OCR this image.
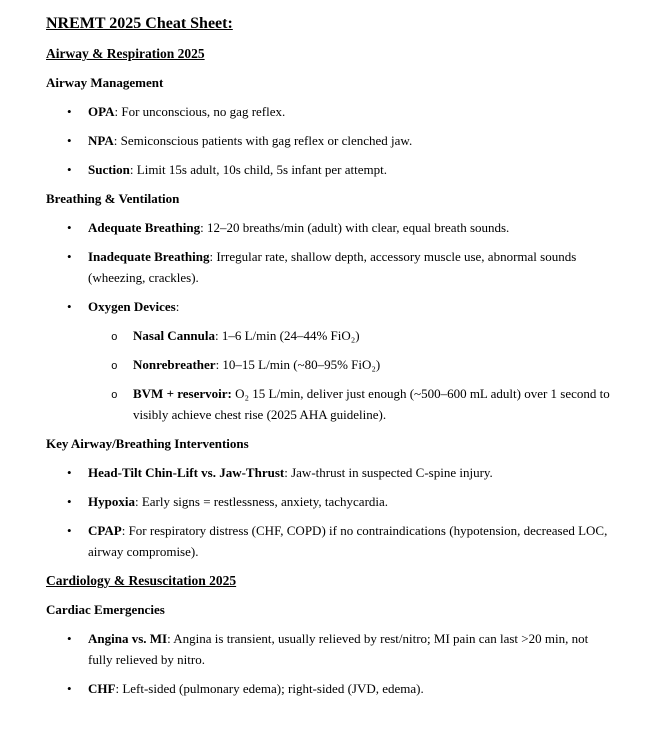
NREMT 2025 Cheat Sheet:
Airway & Respiration 2025
Airway Management
•
OPA: For unconscious, no gag reflex.
•
NPA: Semiconscious patients with gag reflex or clenched jaw.
•
Suction: Limit 15s adult, 10s child, 5s infant per attempt.
Breathing & Ventilation
•
Adequate Breathing: 12–20 breaths/min (adult) with clear, equal breath sounds.
•
Inadequate Breathing: Irregular rate, shallow depth, accessory muscle use, abnormal sounds (wheezing, crackles).
•
Oxygen Devices:
o
Nasal Cannula: 1–6 L/min (24–44% FiO₂)
o
Nonrebreather: 10–15 L/min (~80–95% FiO₂)
o
BVM + reservoir: O₂ 15 L/min, deliver just enough (~500–600 mL adult) over 1 second to visibly achieve chest rise (2025 AHA guideline).
Key Airway/Breathing Interventions
•
Head-Tilt Chin-Lift vs. Jaw-Thrust: Jaw-thrust in suspected C-spine injury.
•
Hypoxia: Early signs = restlessness, anxiety, tachycardia.
•
CPAP: For respiratory distress (CHF, COPD) if no contraindications (hypotension, decreased LOC, airway compromise).
Cardiology & Resuscitation 2025
Cardiac Emergencies
•
Angina vs. MI: Angina is transient, usually relieved by rest/nitro; MI pain can last >20 min, not fully relieved by nitro.
•
CHF: Left-sided (pulmonary edema); right-sided (JVD, edema).
